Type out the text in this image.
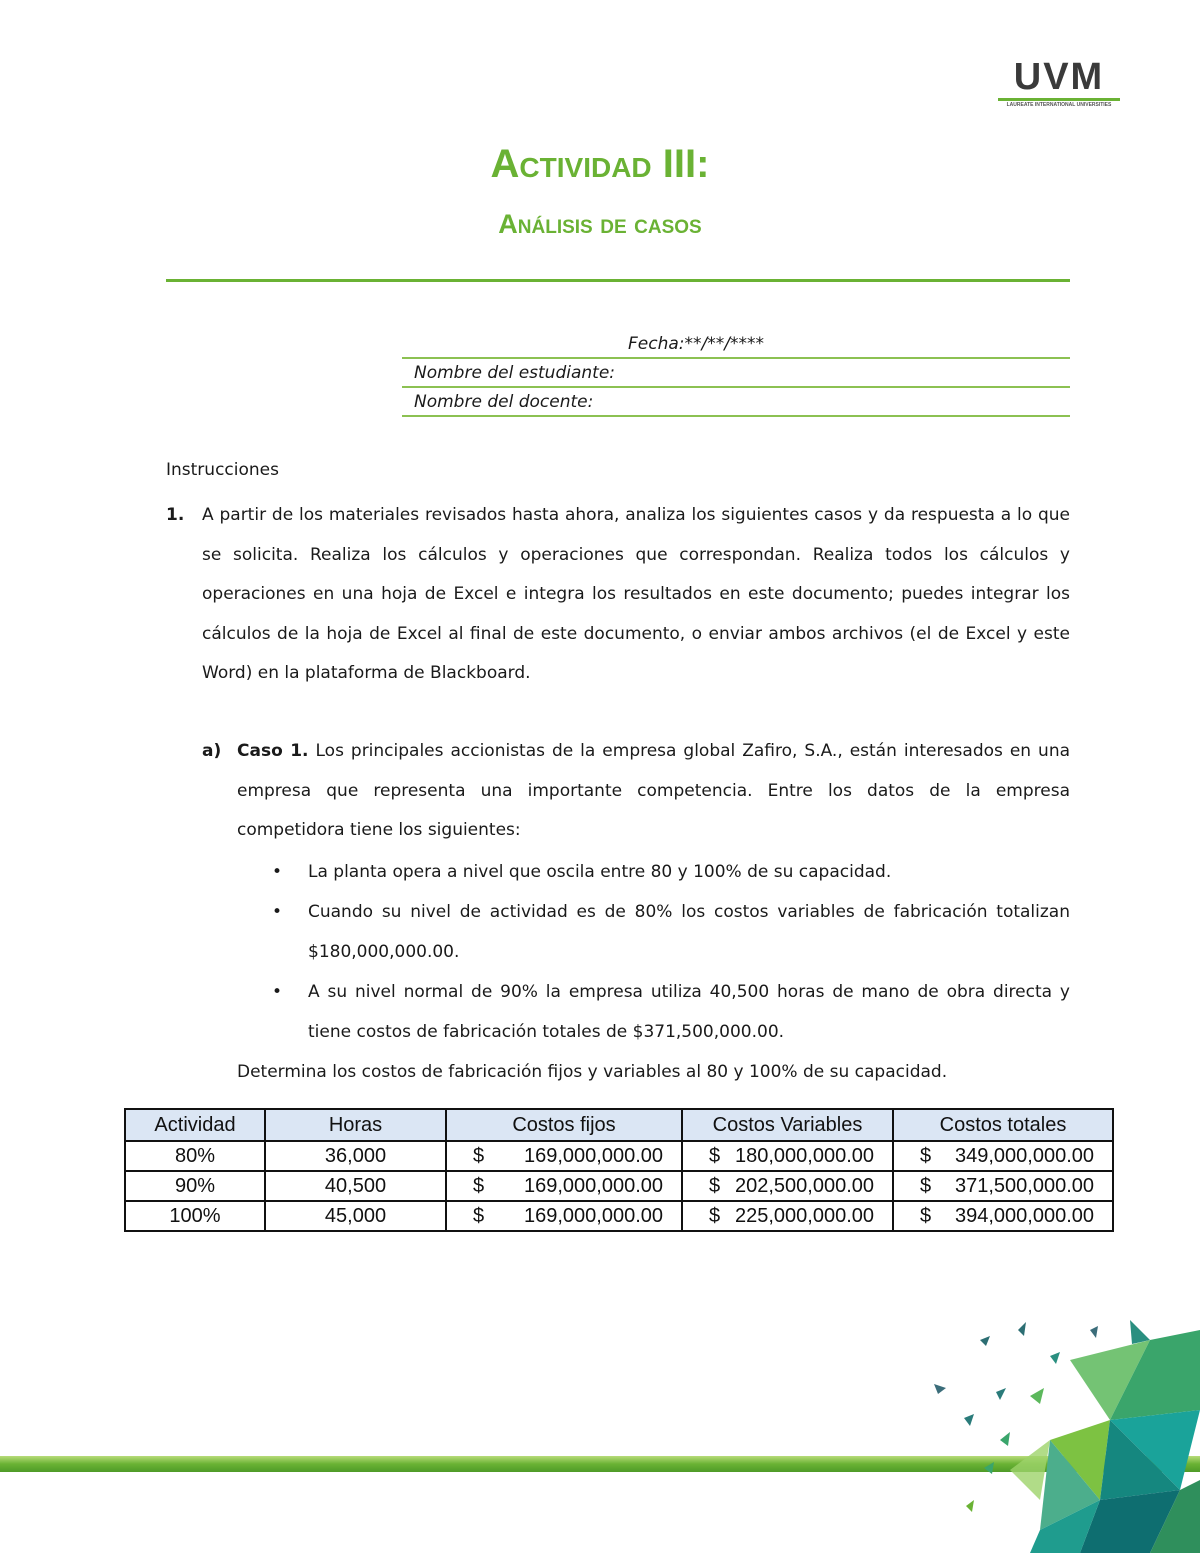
UVM
LAUREATE INTERNATIONAL UNIVERSITIES
Actividad III:
Análisis de casos
Fecha:**/**/****
Nombre del estudiante:
Nombre del docente:

Instrucciones

1. A partir de los materiales revisados hasta ahora, analiza los siguientes casos y da respuesta a lo que se solicita. Realiza los cálculos y operaciones que correspondan. Realiza todos los cálculos y operaciones en una hoja de Excel e integra los resultados en este documento; puedes integrar los cálculos de la hoja de Excel al final de este documento, o enviar ambos archivos (el de Excel y este Word) en la plataforma de Blackboard.

a) Caso 1. Los principales accionistas de la empresa global Zafiro, S.A., están interesados en una empresa que representa una importante competencia. Entre los datos de la empresa competidora tiene los siguientes:

• La planta opera a nivel que oscila entre 80 y 100% de su capacidad.
• Cuando su nivel de actividad es de 80% los costos variables de fabricación totalizan $180,000,000.00.
• A su nivel normal de 90% la empresa utiliza 40,500 horas de mano de obra directa y tiene costos de fabricación totales de $371,500,000.00.

Determina los costos de fabricación fijos y variables al 80 y 100% de su capacidad.

Actividad	Horas	Costos fijos	Costos Variables	Costos totales
80%	36,000	$ 169,000,000.00	$ 180,000,000.00	$ 349,000,000.00

90%	40,500	$ 169,000,000.00	$ 202,500,000.00	$ 371,500,000.00

100%	45,000	$ 169,000,000.00	$ 225,000,000.00	$ 394,000,000.00
